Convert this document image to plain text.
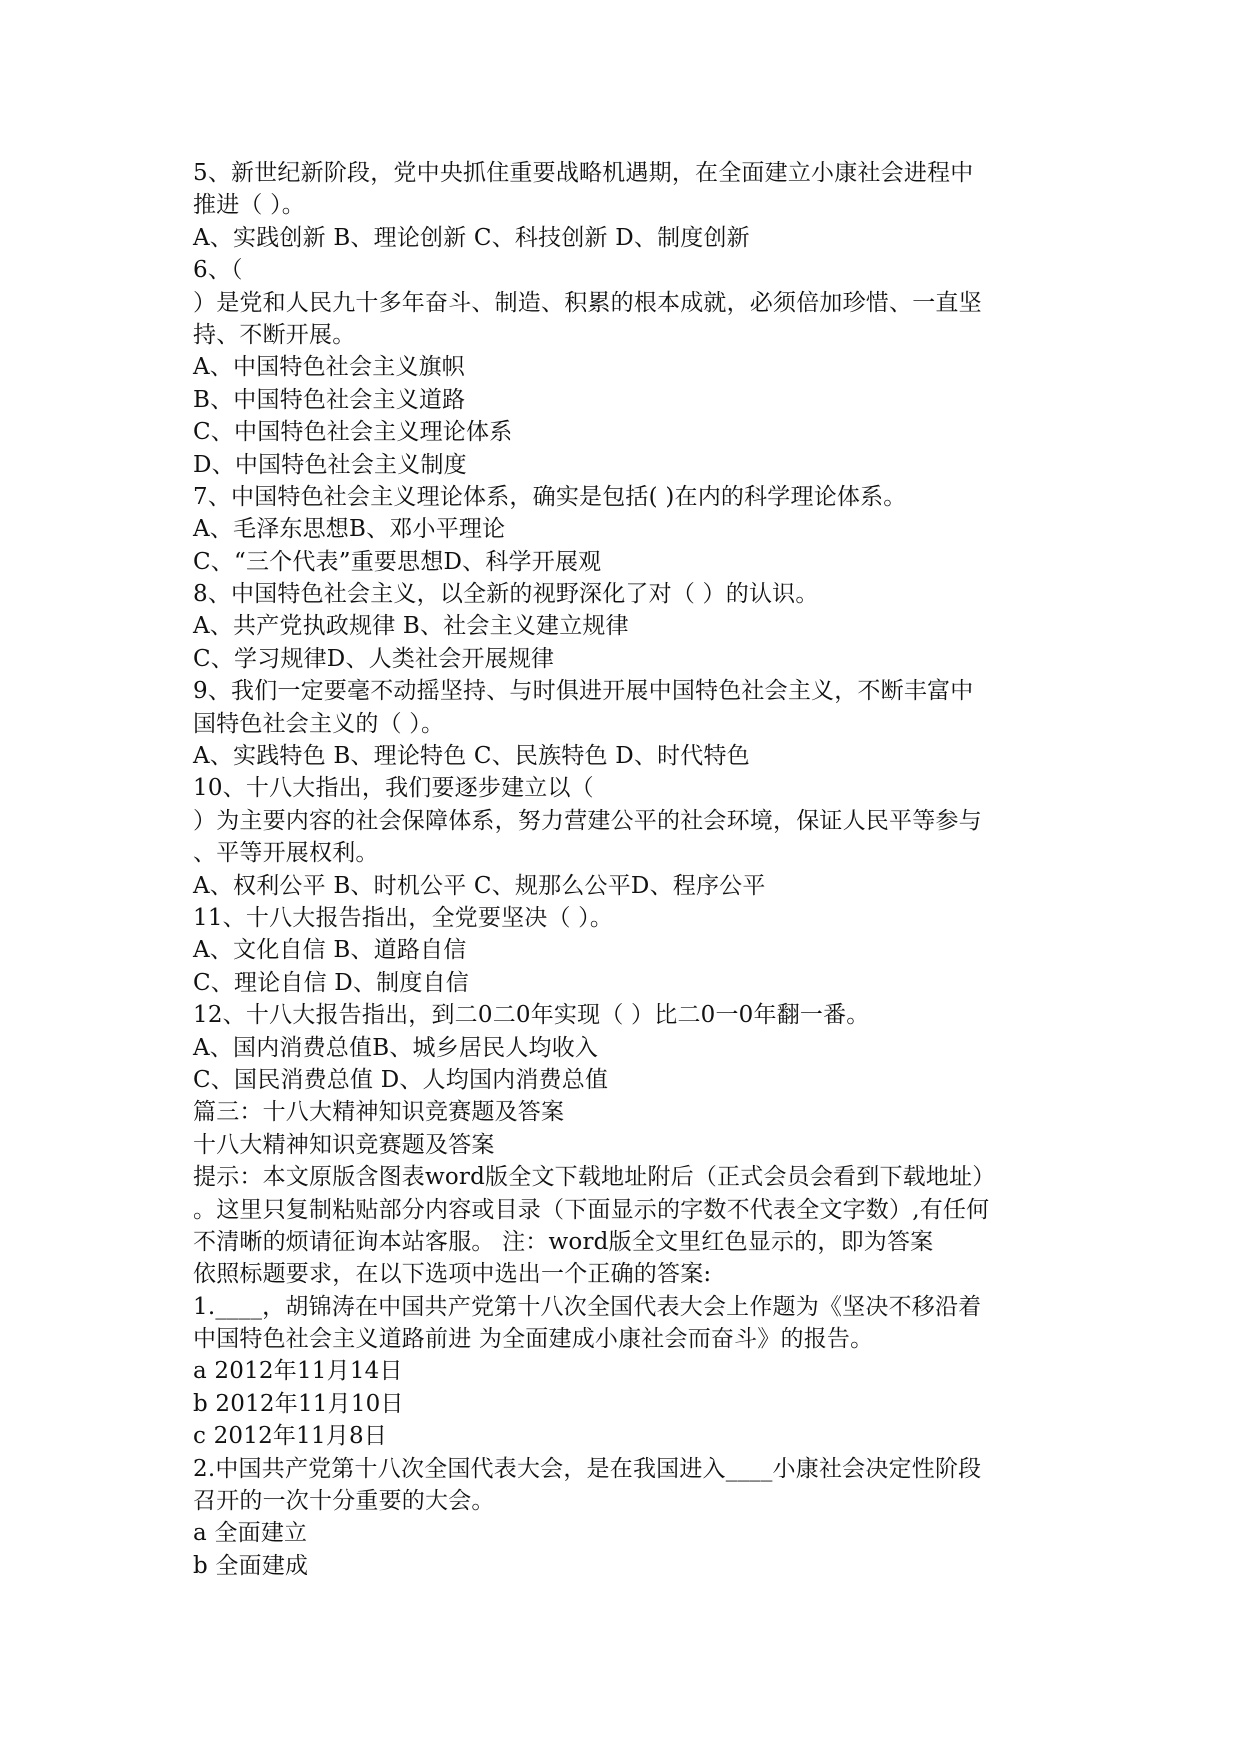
5、新世纪新阶段，党中央抓住重要战略机遇期，在全面建立小康社会进程中
推进（ ）。
A、实践创新 B、理论创新 C、科技创新 D、制度创新
6、（
）是党和人民九十多年奋斗、制造、积累的根本成就，必须倍加珍惜、一直坚
持、不断开展。
A、中国特色社会主义旗帜
B、中国特色社会主义道路
C、中国特色社会主义理论体系
D、中国特色社会主义制度
7、中国特色社会主义理论体系，确实是包括( )在内的科学理论体系。
A、毛泽东思想B、邓小平理论
C、“三个代表”重要思想D、科学开展观
8、中国特色社会主义，以全新的视野深化了对（ ）的认识。
A、共产党执政规律 B、社会主义建立规律
C、学习规律D、人类社会开展规律
9、我们一定要毫不动摇坚持、与时俱进开展中国特色社会主义，不断丰富中
国特色社会主义的（ ）。
A、实践特色 B、理论特色 C、民族特色 D、时代特色
10、十八大指出，我们要逐步建立以（
）为主要内容的社会保障体系，努力营建公平的社会环境，保证人民平等参与
、平等开展权利。
A、权利公平 B、时机公平 C、规那么公平D、程序公平
11、十八大报告指出，全党要坚决（ ）。
A、文化自信 B、道路自信
C、理论自信 D、制度自信
12、十八大报告指出，到二0二0年实现（ ）比二0一0年翻一番。
A、国内消费总值B、城乡居民人均收入
C、国民消费总值 D、人均国内消费总值
篇三：十八大精神知识竞赛题及答案
十八大精神知识竞赛题及答案
提示：本文原版含图表word版全文下载地址附后（正式会员会看到下载地址）
。这里只复制粘贴部分内容或目录（下面显示的字数不代表全文字数）,有任何
不清晰的烦请征询本站客服。 注：word版全文里红色显示的，即为答案
依照标题要求，在以下选项中选出一个正确的答案:
1.____，胡锦涛在中国共产党第十八次全国代表大会上作题为《坚决不移沿着
中国特色社会主义道路前进 为全面建成小康社会而奋斗》的报告。
a 2012年11月14日
b 2012年11月10日
c 2012年11月8日
2.中国共产党第十八次全国代表大会，是在我国进入____小康社会决定性阶段
召开的一次十分重要的大会。
a 全面建立
b 全面建成
